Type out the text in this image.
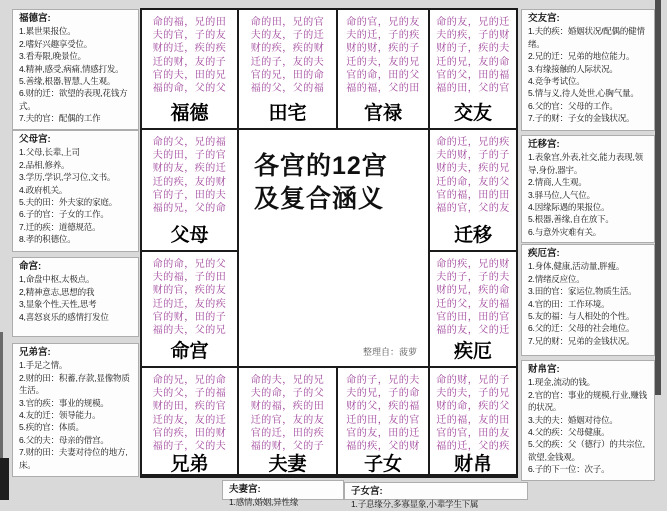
福德宫:
1.累世果报位。
2.嗜好兴趣享受位。
3.看寿限,晚景位。
4.精神,感受,病痛,情感打发。
5.善缘,根器,智慧,人生观。
6.财的迁：欲望的表现,花钱方式。
7.夫的官：配偶的工作
父母宫:
1.父母,长辈,上司
2.品相,修养。
3.学历,学识,学习位,文书。
4.政府机关。
5.夫的田：外夫家的家庭。
6.子的官：子女的工作。
7.迁的疾：道德规范。
8.孝的积德位。
命宫:
1,命盘中枢,太极点。
2,精神意志,思想的我
3,显象个性,天性,思考
4,喜怒哀乐的感情打发位
兄弟宫:
1.手足之情。
2.财的田：积蓄,存款,显像物质生活。
3.官的疾：事业的规模。
4.友的迁：领导能力。
5.疾的官：体质。
6.父的夫：母亲的借宫。
7.财的田：夫妻对待位的地方,床。
交友宫:
1.夫的疾：婚姻状况/配偶的健情绪。
2.兄的迁：兄弟的地位能力。
3.有缘接触的人际状况。
4.竞争考试位。
5.情与义,待人处世,心胸气量。
6.父的官：父母的工作。
7.子的财：子女的金钱状况。
迁移宫:
1.表象宫,外表,社交,能力表现,领导,身份,器宇。
2.情商,人生观。
3.驿马位,人气位。
4.因缘际遇的果报位。
5.根器,善缘,自在放下。
6.与意外灾难有关。
疾厄宫:
1.身体,健康,活动量,胖瘦。
2.情绪反应位。
3.田的官：家运位,物质生活。
4.官的田：工作环境。
5.友的福：与人相处的个性。
6.父的迁：父母的社会地位。
7.兄的财：兄弟的金钱状况。
财帛宫:
1.现金,流动的钱。
2.官的官：事业的规模,行业,赚钱的状况。
3.夫的夫：婚姻对待位。
4.父的疾：父母健康。
5.父的疾：父（德行）的共宗位,欲望,金钱观。
6.子的下一位：次子。
夫妻宫:
1.感情,婚姻,异性缘
子女宫:
1.子息缘分,多寡显象,小辈学生下属
各宫的12宫
及复合涵义
整理自：菠萝
命的福，兄的田
夫的官，子的友
财的迁，疾的疾
迁的财，友的子
官的夫，田的兄
福的命，父的父
福德
命的田，兄的官
夫的友，子的迁
财的疾，疾的财
迁的子，友的夫
官的兄，田的命
福的父，父的福
田宅
命的官，兄的友
夫的迁，子的疾
财的财，疾的子
迁的夫，友的兄
官的命，田的父
福的福，父的田
官禄
命的友，兄的迁
夫的疾，子的财
财的子，疾的夫
迁的兄，友的命
官的父，田的福
福的田，父的官
交友
命的父，兄的福
夫的田，子的官
财的友，疾的迁
迁的疾，友的财
官的子，田的夫
福的兄，父的命
父母
命的迁，兄的疾
夫的财，子的子
财的夫，疾的兄
迁的命，友的父
官的福，田的田
福的官，父的友
迁移
命的命，兄的父
夫的福，子的田
财的官，疾的友
迁的迁，友的疾
官的财，田的子
福的夫，父的兄
命宫
命的疾，兄的财
夫的子，子的夫
财的兄，疾的命
迁的父，友的福
官的田，田的官
福的友，父的迁
疾厄
命的兄，兄的命
夫的父，子的福
财的田，疾的官
迁的友，友的迁
官的疾，田的财
福的子，父的夫
兄弟
命的夫，兄的兄
夫的命，子的父
财的福，疾的田
迁的官，友的友
官的迁，田的疾
福的财，父的子
夫妻
命的子，兄的夫
夫的兄，子的命
财的父，疾的福
迁的田，友的官
官的友，田的迁
福的疾，父的财
子女
命的财，兄的子
夫的夫，子的兄
财的命，疾的父
迁的福，友的田
官的官，田的友
福的迁，父的疾
财帛
